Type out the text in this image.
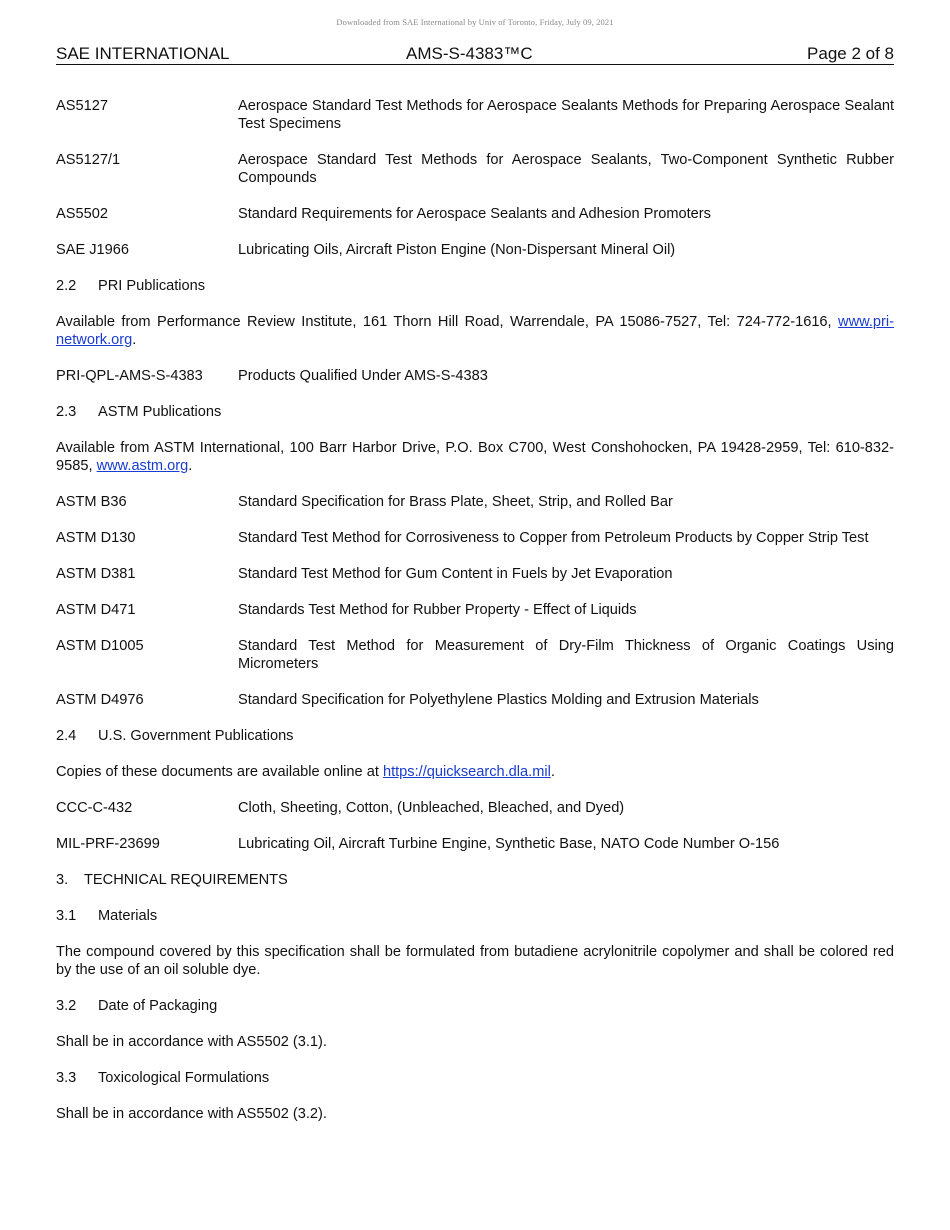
Downloaded from SAE International by Univ of Toronto, Friday, July 09, 2021
SAE INTERNATIONAL	AMS-S-4383™C	Page 2 of 8
AS5127	Aerospace Standard Test Methods for Aerospace Sealants Methods for Preparing Aerospace Sealant Test Specimens
AS5127/1	Aerospace Standard Test Methods for Aerospace Sealants, Two-Component Synthetic Rubber Compounds
AS5502	Standard Requirements for Aerospace Sealants and Adhesion Promoters
SAE J1966	Lubricating Oils, Aircraft Piston Engine (Non-Dispersant Mineral Oil)
2.2 PRI Publications
Available from Performance Review Institute, 161 Thorn Hill Road, Warrendale, PA 15086-7527, Tel: 724-772-1616, www.pri-network.org.
PRI-QPL-AMS-S-4383	Products Qualified Under AMS-S-4383
2.3 ASTM Publications
Available from ASTM International, 100 Barr Harbor Drive, P.O. Box C700, West Conshohocken, PA 19428-2959, Tel: 610-832-9585, www.astm.org.
ASTM B36	Standard Specification for Brass Plate, Sheet, Strip, and Rolled Bar
ASTM D130	Standard Test Method for Corrosiveness to Copper from Petroleum Products by Copper Strip Test
ASTM D381	Standard Test Method for Gum Content in Fuels by Jet Evaporation
ASTM D471	Standards Test Method for Rubber Property - Effect of Liquids
ASTM D1005	Standard Test Method for Measurement of Dry-Film Thickness of Organic Coatings Using Micrometers
ASTM D4976	Standard Specification for Polyethylene Plastics Molding and Extrusion Materials
2.4 U.S. Government Publications
Copies of these documents are available online at https://quicksearch.dla.mil.
CCC-C-432	Cloth, Sheeting, Cotton, (Unbleached, Bleached, and Dyed)
MIL-PRF-23699	Lubricating Oil, Aircraft Turbine Engine, Synthetic Base, NATO Code Number O-156
3. TECHNICAL REQUIREMENTS
3.1 Materials
The compound covered by this specification shall be formulated from butadiene acrylonitrile copolymer and shall be colored red by the use of an oil soluble dye.
3.2 Date of Packaging
Shall be in accordance with AS5502 (3.1).
3.3 Toxicological Formulations
Shall be in accordance with AS5502 (3.2).
